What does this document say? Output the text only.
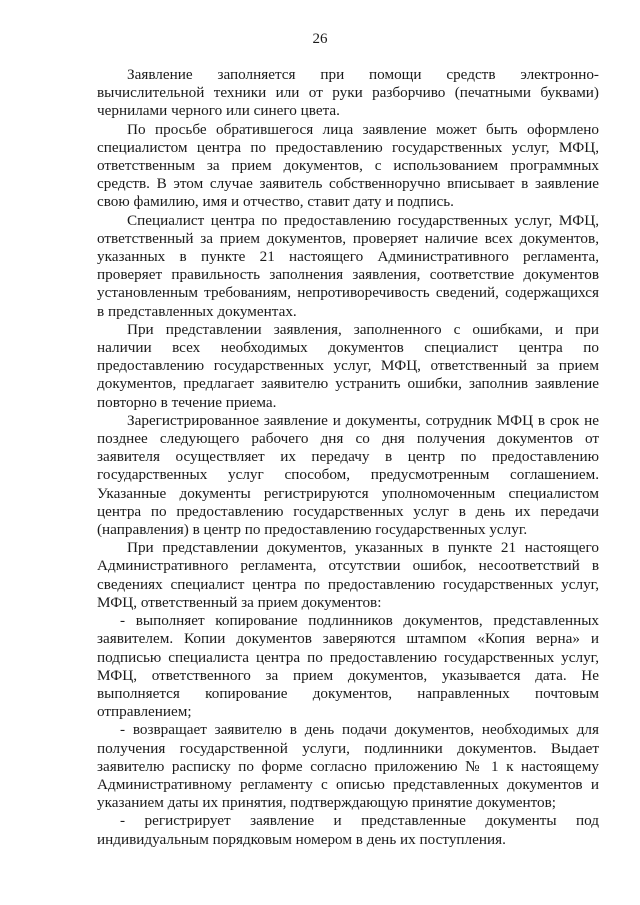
26

Заявление заполняется при помощи средств электронно-вычислительной техники или от руки разборчиво (печатными буквами) чернилами черного или синего цвета.

По просьбе обратившегося лица заявление может быть оформлено специалистом центра по предоставлению государственных услуг, МФЦ, ответственным за прием документов, с использованием программных средств. В этом случае заявитель собственноручно вписывает в заявление свою фамилию, имя и отчество, ставит дату и подпись.

Специалист центра по предоставлению государственных услуг, МФЦ, ответственный за прием документов, проверяет наличие всех документов, указанных в пункте 21 настоящего Административного регламента, проверяет правильность заполнения заявления, соответствие документов установленным требованиям, непротиворечивость сведений, содержащихся в представленных документах.

При представлении заявления, заполненного с ошибками, и при наличии всех необходимых документов специалист центра по предоставлению государственных услуг, МФЦ, ответственный за прием документов, предлагает заявителю устранить ошибки, заполнив заявление повторно в течение приема.

Зарегистрированное заявление и документы, сотрудник МФЦ в срок не позднее следующего рабочего дня со дня получения документов от заявителя осуществляет их передачу в центр по предоставлению государственных услуг способом, предусмотренным соглашением. Указанные документы регистрируются уполномоченным специалистом центра по предоставлению государственных услуг в день их передачи (направления) в центр по предоставлению государственных услуг.

При представлении документов, указанных в пункте 21 настоящего Административного регламента, отсутствии ошибок, несоответствий в сведениях специалист центра по предоставлению государственных услуг, МФЦ, ответственный за прием документов:

- выполняет копирование подлинников документов, представленных заявителем. Копии документов заверяются штампом «Копия верна» и подписью специалиста центра по предоставлению государственных услуг, МФЦ, ответственного за прием документов, указывается дата. Не выполняется копирование документов, направленных почтовым отправлением;

- возвращает заявителю в день подачи документов, необходимых для получения государственной услуги, подлинники документов. Выдает заявителю расписку по форме согласно приложению № 1 к настоящему Административному регламенту с описью представленных документов и указанием даты их принятия, подтверждающую принятие документов;

- регистрирует заявление и представленные документы под индивидуальным порядковым номером в день их поступления.
